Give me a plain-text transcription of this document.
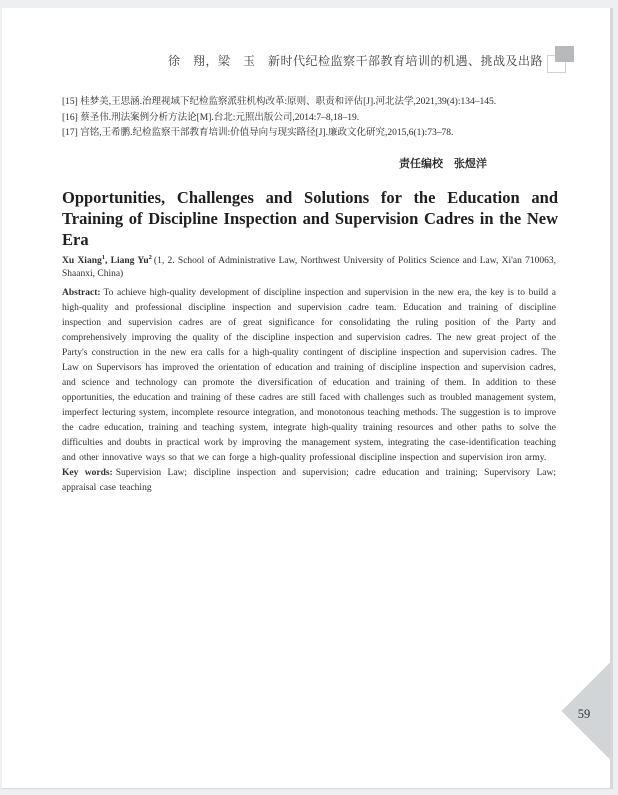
徐　翔，梁　玉　新时代纪检监察干部教育培训的机遇、挑战及出路
[15] 桂梦美,王思涵.治理视域下纪检监察派驻机构改革:原则、职责和评估[J].河北法学,2021,39(4):134–145.
[16] 蔡圣伟.刑法案例分析方法论[M].台北:元照出版公司,2014:7–8,18–19.
[17] 宫铭,王希鹏.纪检监察干部教育培训:价值导向与现实路径[J].廉政文化研究,2015,6(1):73–78.
责任编校　张煜洋
Opportunities, Challenges and Solutions for the Education and Training of Discipline Inspection and Supervision Cadres in the New Era

Xu Xiang$^1$, Liang Yu$^2$ (1, 2. School of Administrative Law, Northwest University of Politics Science and Law, Xi'an 710063, Shaanxi, China)

Abstract: To achieve high-quality development of discipline inspection and supervision in the new era, the key is to build a high-quality and professional discipline inspection and supervision cadre team. Education and training of discipline inspection and supervision cadres are of great significance for consolidating the ruling position of the Party and comprehensively improving the quality of the discipline inspection and supervision cadres. The new great project of the Party's construction in the new era calls for a high-quality contingent of discipline inspection and supervision cadres. The Law on Supervisors has improved the orientation of education and training of discipline inspection and supervision cadres, and science and technology can promote the diversification of education and training of them. In addition to these opportunities, the education and training of these cadres are still faced with challenges such as troubled management system, imperfect lecturing system, incomplete resource integration, and monotonous teaching methods. The suggestion is to improve the cadre education, training and teaching system, integrate high-quality training resources and other paths to solve the difficulties and doubts in practical work by improving the management system, integrating the case-identification teaching and other innovative ways so that we can forge a high-quality professional discipline inspection and supervision iron army.

Key words: Supervision Law; discipline inspection and supervision; cadre education and training; Supervisory Law; appraisal case teaching

59
